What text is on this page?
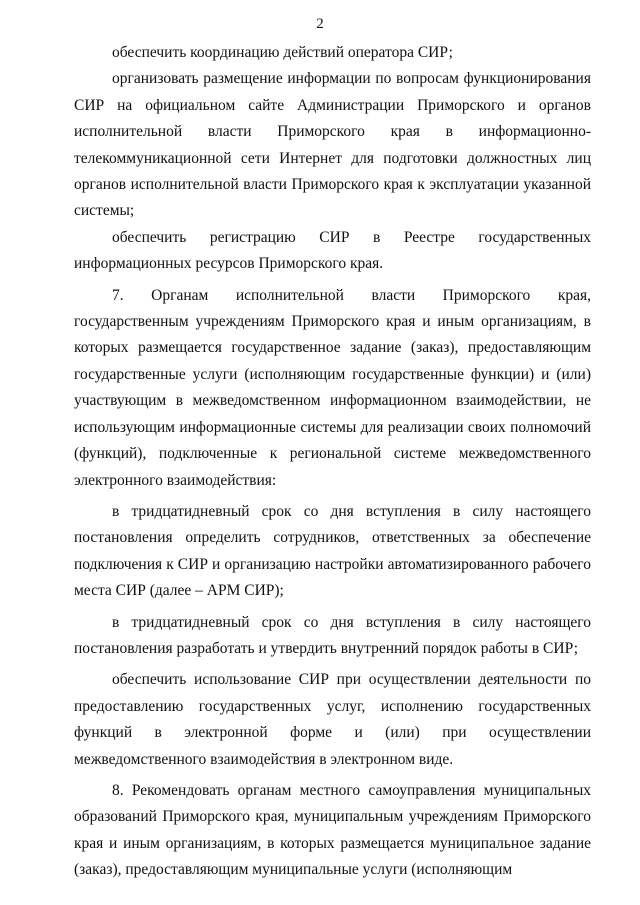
2

обеспечить координацию действий оператора СИР;

организовать размещение информации по вопросам функционирования СИР на официальном сайте Администрации Приморского и органов исполнительной власти Приморского края в информационно-телекоммуникационной сети Интернет для подготовки должностных лиц органов исполнительной власти Приморского края к эксплуатации указанной системы;

обеспечить регистрацию СИР в Реестре государственных информационных ресурсов Приморского края.

7. Органам исполнительной власти Приморского края, государственным учреждениям Приморского края и иным организациям, в которых размещается государственное задание (заказ), предоставляющим государственные услуги (исполняющим государственные функции) и (или) участвующим в межведомственном информационном взаимодействии, не использующим информационные системы для реализации своих полномочий (функций), подключенные к региональной системе межведомственного электронного взаимодействия:

в тридцатидневный срок со дня вступления в силу настоящего постановления определить сотрудников, ответственных за обеспечение подключения к СИР и организацию настройки автоматизированного рабочего места СИР (далее – АРМ СИР);

в тридцатидневный срок со дня вступления в силу настоящего постановления разработать и утвердить внутренний порядок работы в СИР;

обеспечить использование СИР при осуществлении деятельности по предоставлению государственных услуг, исполнению государственных функций в электронной форме и (или) при осуществлении межведомственного взаимодействия в электронном виде.

8. Рекомендовать органам местного самоуправления муниципальных образований Приморского края, муниципальным учреждениям Приморского края и иным организациям, в которых размещается муниципальное задание (заказ), предоставляющим муниципальные услуги (исполняющим
